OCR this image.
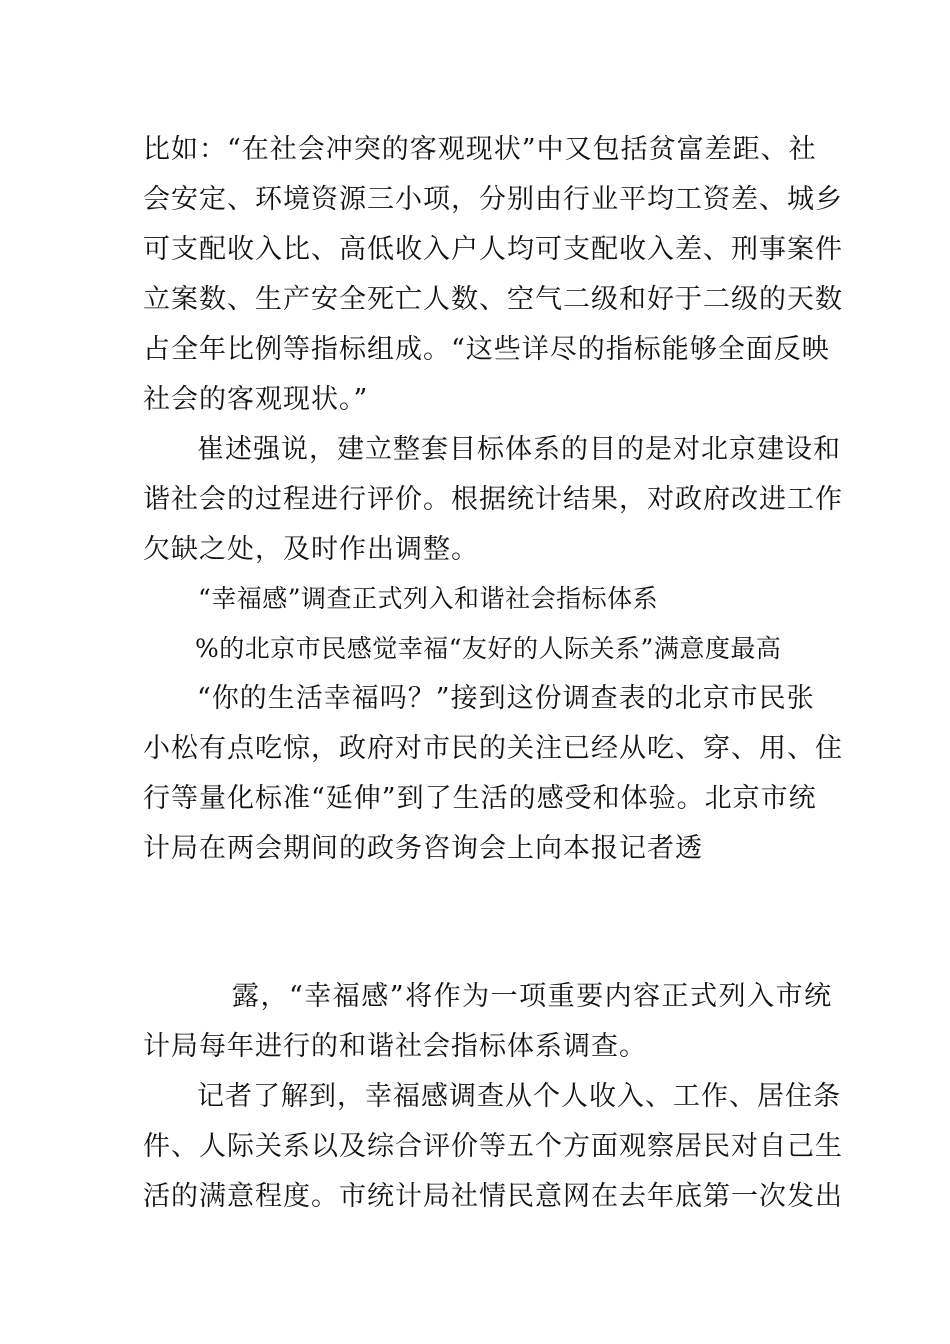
比如：“在社会冲突的客观现状”中又包括贫富差距、社
会安定、环境资源三小项，分别由行业平均工资差、城乡
可支配收入比、高低收入户人均可支配收入差、刑事案件
立案数、生产安全死亡人数、空气二级和好于二级的天数
占全年比例等指标组成。“这些详尽的指标能够全面反映
社会的客观现状。”
崔述强说，建立整套目标体系的目的是对北京建设和
谐社会的过程进行评价。根据统计结果，对政府改进工作
欠缺之处，及时作出调整。
“幸福感”调查正式列入和谐社会指标体系
%的北京市民感觉幸福“友好的人际关系”满意度最高
“你的生活幸福吗？”接到这份调查表的北京市民张
小松有点吃惊，政府对市民的关注已经从吃、穿、用、住
行等量化标准“延伸”到了生活的感受和体验。北京市统
计局在两会期间的政务咨询会上向本报记者透
露，“幸福感”将作为一项重要内容正式列入市统
计局每年进行的和谐社会指标体系调查。
记者了解到，幸福感调查从个人收入、工作、居住条
件、人际关系以及综合评价等五个方面观察居民对自己生
活的满意程度。市统计局社情民意网在去年底第一次发出
